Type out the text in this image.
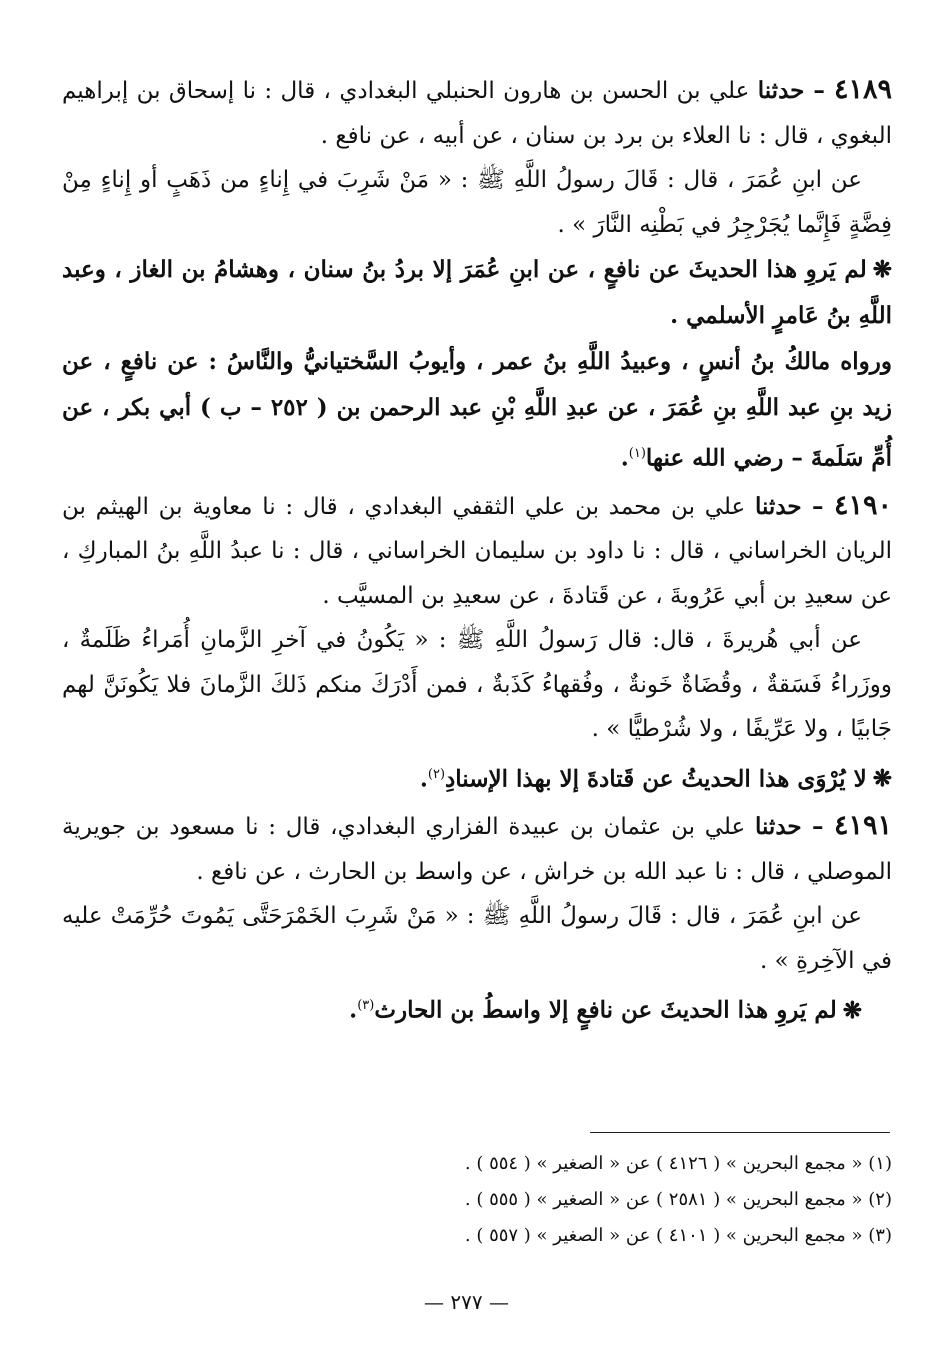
٤١٨٩ – حدثنا علي بن الحسن بن هارون الحنبلي البغدادي ، قال : نا إسحاق بن إبراهيم البغوي ، قال : نا العلاء بن برد بن سنان ، عن أبيه ، عن نافع .

عن ابنِ عُمَرَ ، قال : قَالَ رسولُ اللَّهِ ﷺ : « مَنْ شَرِبَ في إِناءٍ من ذَهَبٍ أو إِناءٍ مِنْ فِضَّةٍ فَإِنَّما يُجَرْجِرُ في بَطْنِه النَّارَ » .

❋لم يَروِ هذا الحديثَ عن نافعٍ ، عن ابنِ عُمَرَ إلا بردُ بنُ سنان ، وهشامُ بن الغاز ، وعبد اللَّهِ بنُ عَامرٍ الأسلمي .

ورواه مالكُ بنُ أنسٍ ، وعبيدُ اللَّهِ بنُ عمر ، وأيوبُ السَّختيانيُّ والنَّاسُ : عن نافعٍ ، عن زيد بنِ عبد اللَّهِ بنِ عُمَرَ ، عن عبدِ اللَّهِ بْنِ عبد الرحمن بن ( ٢٥٢ – ب ) أبي بكر ، عن أُمِّ سَلَمةَ – رضي الله عنها$^{(١)}$.

٤١٩٠ – حدثنا علي بن محمد بن علي الثقفي البغدادي ، قال : نا معاوية بن الهيثم بن الريان الخراساني ، قال : نا داود بن سليمان الخراساني ، قال : نا عبدُ اللَّهِ بنُ المباركِ ، عن سعيدِ بن أبي عَرُوبةَ ، عن قَتادةَ ، عن سعيدِ بن المسيَّب .

عن أبي هُريرةَ ، قال: قال رَسولُ اللَّهِ ﷺ : « يَكُونُ في آخرِ الزَّمانِ أُمَراءُ ظَلَمةٌ ، ووزَراءُ فَسَقةٌ ، وقُضَاةٌ خَونةٌ ، وفُقهاءُ كَذَبةٌ ، فمن أَدْرَكَ منكم ذَلكَ الزَّمانَ فلا يَكُونَنَّ لهم جَابيًا ، ولا عَرِّيفًا ، ولا شُرْطيًّا » .

❋لا يُرْوَى هذا الحديثُ عن قَتادةَ إلا بهذا الإسنادِ$^{(٢)}$.

٤١٩١ – حدثنا علي بن عثمان بن عبيدة الفزاري البغدادي، قال : نا مسعود بن جويرية الموصلي ، قال : نا عبد الله بن خراش ، عن واسط بن الحارث ، عن نافع .

عن ابنِ عُمَرَ ، قال : قَالَ رسولُ اللَّهِ ﷺ : « مَنْ شَرِبَ الخَمْرَحَتَّى يَمُوتَ حُرِّمَتْ عليه في الآخِرةِ » .

❋لم يَروِ هذا الحديثَ عن نافعٍ إلا واسطُ بن الحارث$^{(٣)}$.

(١) « مجمع البحرين » ( ٤١٢٦ ) عن « الصغير » ( ٥٥٤ ) .

(٢) « مجمع البحرين » ( ٢٥٨١ ) عن « الصغير » ( ٥٥٥ ) .

(٣) « مجمع البحرين » ( ٤١٠١ ) عن « الصغير » ( ٥٥٧ ) .

— ٢٧٧ —
